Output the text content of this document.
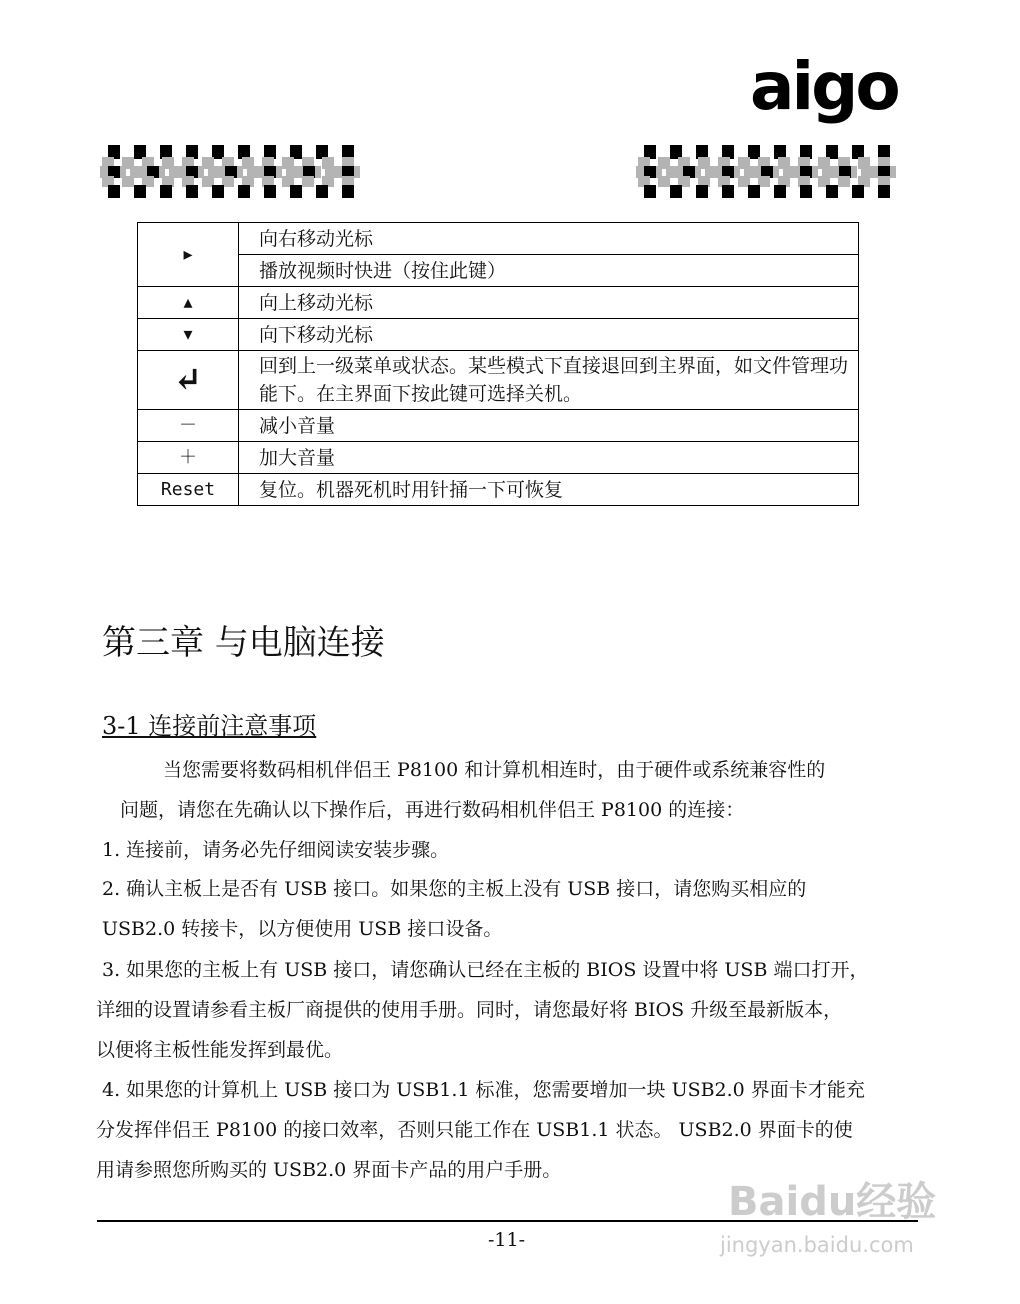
aigo
▸	向右移动光标
	播放视频时快进（按住此键）
▴	向上移动光标
▾	向下移动光标
↵	回到上一级菜单或状态。某些模式下直接退回到主界面，如文件管理功能下。在主界面下按此键可选择关机。
－	减小音量
＋	加大音量
Reset	复位。机器死机时用针捅一下可恢复
第三章 与电脑连接
3-1 连接前注意事项
当您需要将数码相机伴侣王 P8100 和计算机相连时，由于硬件或系统兼容性的
问题，请您在先确认以下操作后，再进行数码相机伴侣王 P8100 的连接：
1. 连接前，请务必先仔细阅读安装步骤。
2. 确认主板上是否有 USB 接口。如果您的主板上没有 USB 接口，请您购买相应的
USB2.0 转接卡，以方便使用 USB 接口设备。
3. 如果您的主板上有 USB 接口，请您确认已经在主板的 BIOS 设置中将 USB 端口打开，
详细的设置请参看主板厂商提供的使用手册。同时，请您最好将 BIOS 升级至最新版本，
以便将主板性能发挥到最优。
4. 如果您的计算机上 USB 接口为 USB1.1 标准，您需要增加一块 USB2.0 界面卡才能充
分发挥伴侣王 P8100 的接口效率，否则只能工作在 USB1.1 状态。 USB2.0 界面卡的使
用请参照您所购买的 USB2.0 界面卡产品的用户手册。
Baidu经验
jingyan.baidu.com
-11-
